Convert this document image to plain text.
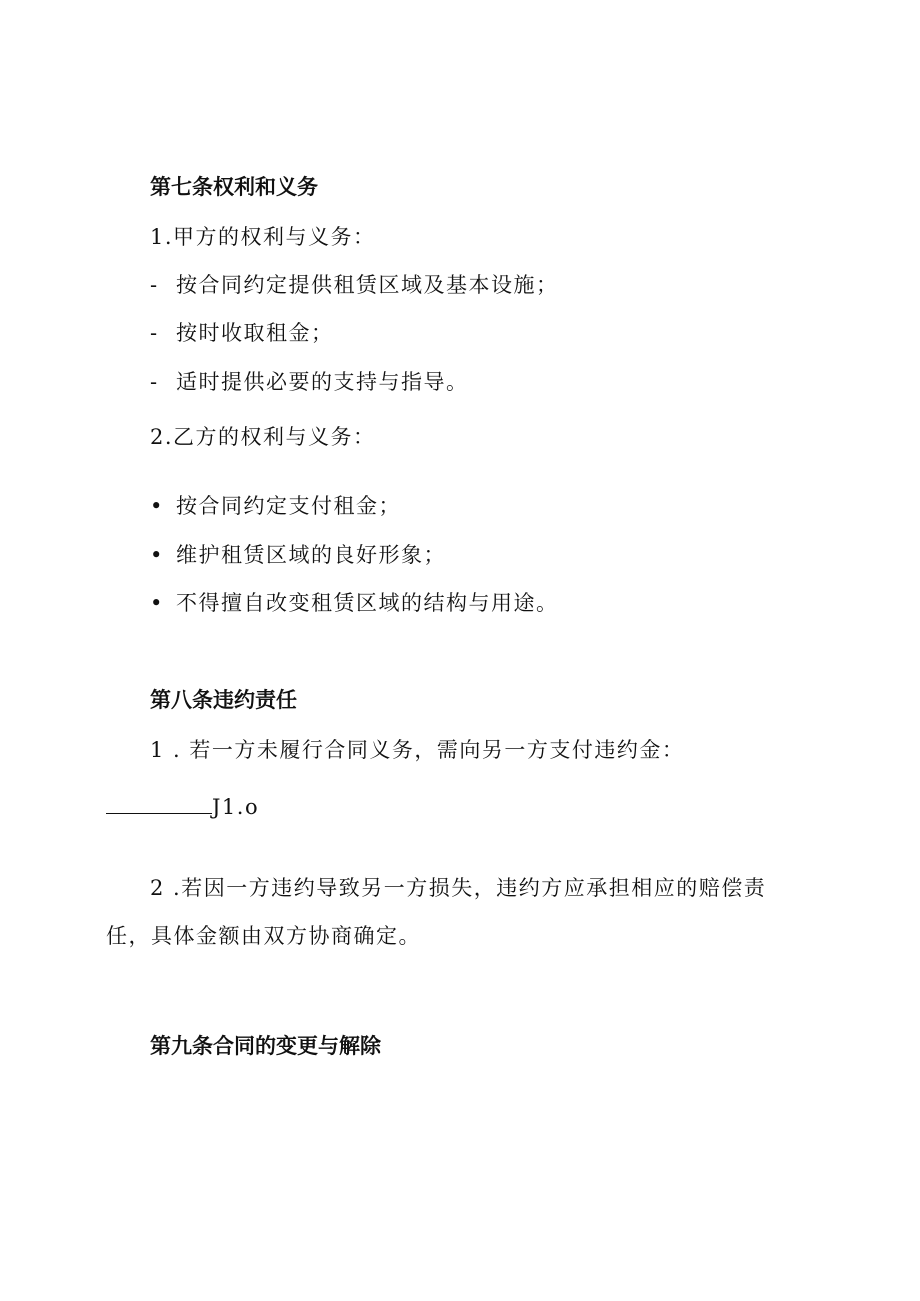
第七条权利和义务
1.甲方的权利与义务：
- 按合同约定提供租赁区域及基本设施；
- 按时收取租金；
- 适时提供必要的支持与指导。
2.乙方的权利与义务：
• 按合同约定支付租金；
• 维护租赁区域的良好形象；
• 不得擅自改变租赁区域的结构与用途。
第八条违约责任
1 . 若一方未履行合同义务，需向另一方支付违约金：
J1.o
2 .若因一方违约导致另一方损失，违约方应承担相应的赔偿责
任，具体金额由双方协商确定。
第九条合同的变更与解除
